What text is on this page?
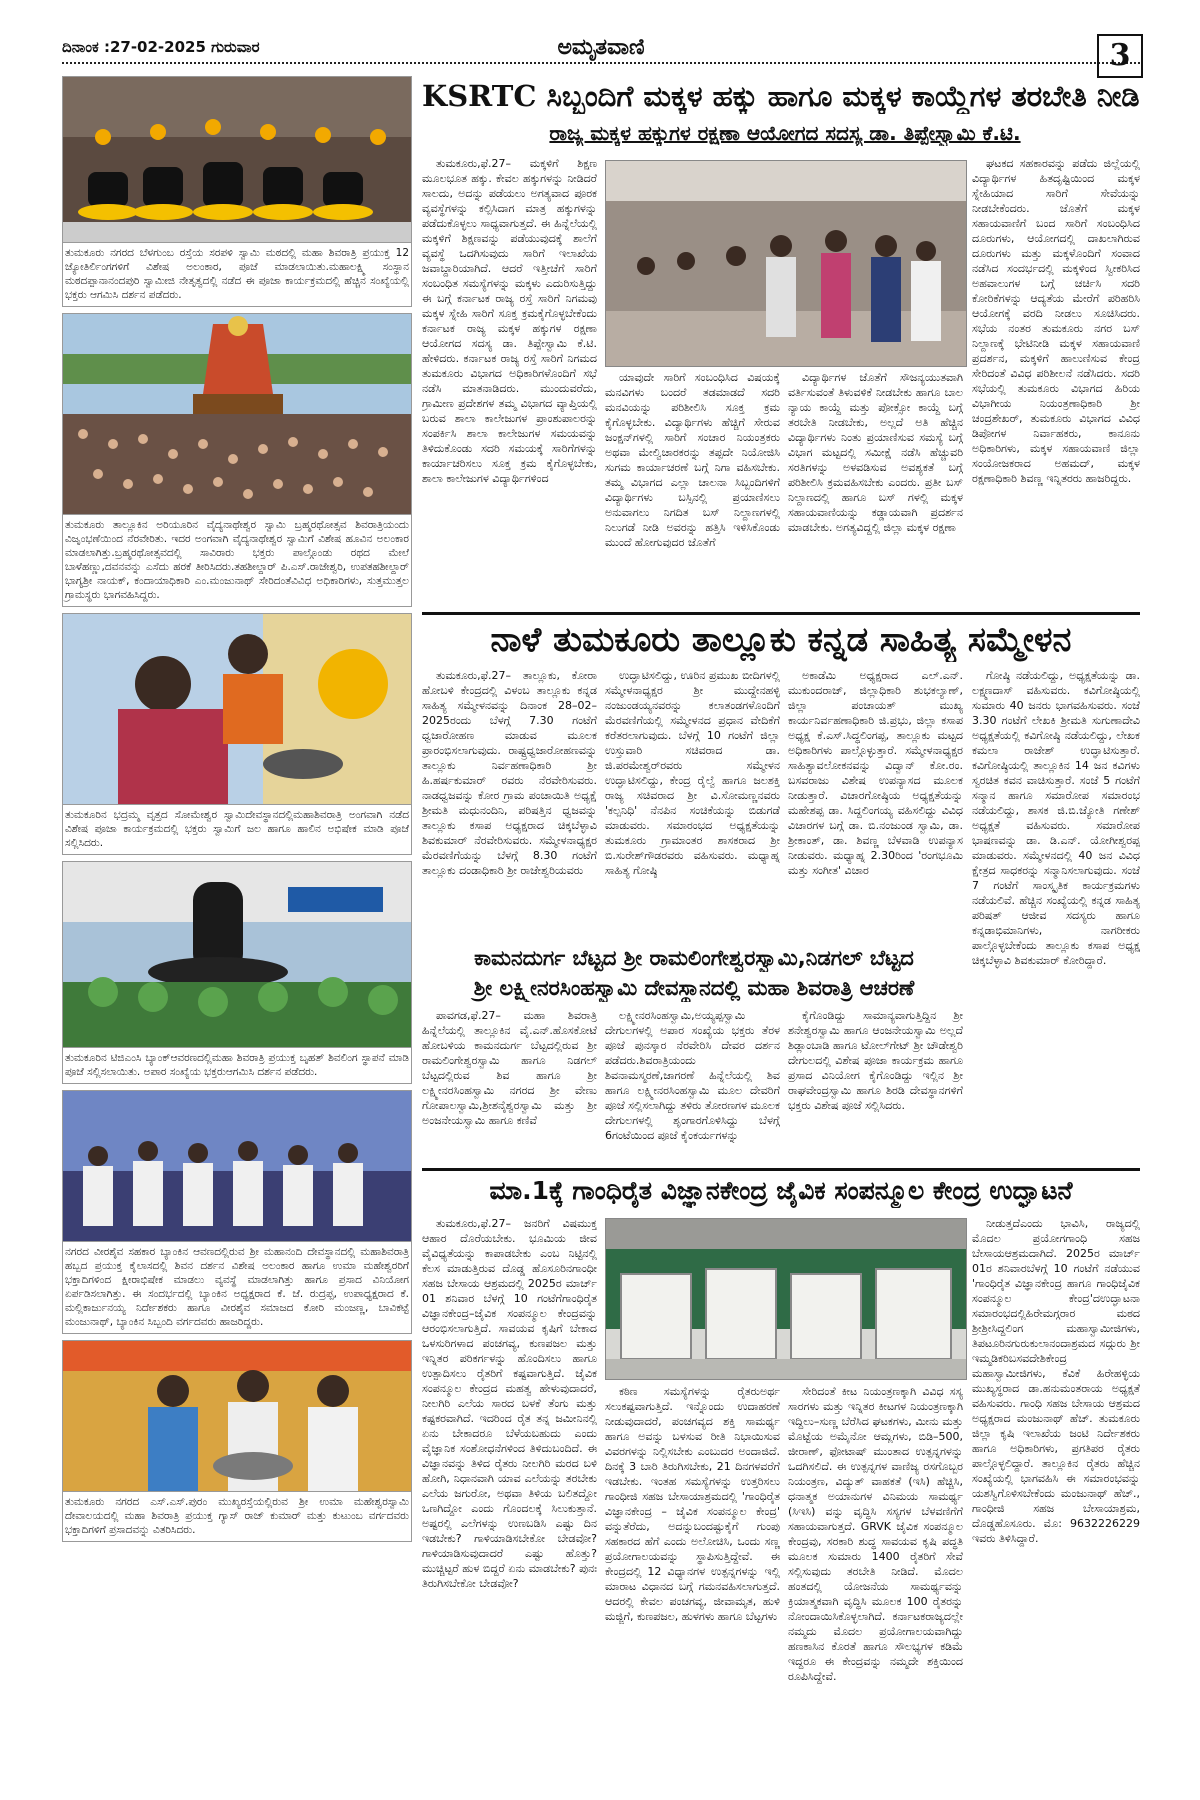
ದಿನಾಂಕ :27-02-2025 ಗುರುವಾರ	ಅಮೃತವಾಣಿ	3
ತುಮಕೂರು ನಗರದ ಬೆಳಗುಂಬ ರಸ್ತೆಯ ಸರಪಳಿ ಸ್ವಾಮಿ ಮಠದಲ್ಲಿ ಮಹಾ ಶಿವರಾತ್ರಿ ಪ್ರಯುಕ್ತ 12 ಜ್ಯೋತಿರ್ಲಿಂಗಗಳಿಗೆ ವಿಶೇಷ ಅಲಂಕಾರ, ಪೂಜೆ ಮಾಡಲಾಯಿತು.ಮಹಾಲಕ್ಷ್ಮಿ ಸಂಸ್ಥಾನ ಮಠದಪ್ಪಾನಾನಂದಪುರಿ ಸ್ವಾಮೀಜಿ ನೇತೃತ್ವದಲ್ಲಿ ನಡೆದ ಈ ಪೂಜಾ ಕಾರ್ಯಕ್ರಮದಲ್ಲಿ ಹೆಚ್ಚಿನ ಸಂಖ್ಯೆಯಲ್ಲಿ ಭಕ್ತರು ಆಗಮಿಸಿ ದರ್ಶನ ಪಡೆದರು.
ತುಮಕೂರು ತಾಲ್ಲೂಕಿನ ಅರಿಯೂರಿನ ವೈದ್ಯನಾಥೇಶ್ವರ ಸ್ವಾಮಿ ಬ್ರಹ್ಮರಥೋತ್ಸವ ಶಿವರಾತ್ರಿಯಂದು ವಿಜೃಂಭಣೆಯಿಂದ ನೆರವೇರಿತು. ಇದರ ಅಂಗವಾಗಿ ವೈದ್ಯನಾಥೇಶ್ವರ ಸ್ವಾಮಿಗೆ ವಿಶೇಷ ಹೂವಿನ ಅಲಂಕಾರ ಮಾಡಲಾಗಿತ್ತು.ಬ್ರಹ್ಮರಥೋತ್ಸವದಲ್ಲಿ ಸಾವಿರಾರು ಭಕ್ತರು ಪಾಲ್ಗೊಂಡು ರಥದ ಮೇಲೆ ಬಾಳೆಹಣ್ಣು,ದವನವನ್ನು ಎಸೆದು ಹರಕೆ ತೀರಿಸಿದರು.ತಹಶೀಲ್ದಾರ್ ಪಿ.ಎಸ್.ರಾಜೇಶ್ವರಿ, ಉಪತಹಶೀಲ್ದಾರ್ ಭಾಗ್ಯಶ್ರೀ ನಾಯಕ್, ಕಂದಾಯಾಧಿಕಾರಿ ಎಂ.ಮಂಜುನಾಥ್ ಸೇರಿದಂತೆವಿವಿಧ ಅಧಿಕಾರಿಗಳು, ಸುತ್ತಮುತ್ತಲ ಗ್ರಾಮಸ್ಥರು ಭಾಗವಹಿಸಿದ್ದರು.
ತುಮಕೂರಿನ ಭದ್ರಮ್ಮ ವೃತ್ತದ ಸೋಮೇಶ್ವರ ಸ್ವಾಮಿದೇವಸ್ಥಾನದಲ್ಲಿಮಹಾಶಿವರಾತ್ರಿ ಅಂಗವಾಗಿ ನಡೆದ ವಿಶೇಷ ಪೂಜಾ ಕಾರ್ಯಕ್ರಮದಲ್ಲಿ ಭಕ್ತರು ಸ್ವಾಮಿಗೆ ಜಲ ಹಾಗೂ ಹಾಲಿನ ಅಭಿಷೇಕ ಮಾಡಿ ಪೂಜೆ ಸಲ್ಲಿಸಿದರು.
ತುಮಕೂರಿನ ಟಿಜಿಎಂಸಿ ಬ್ಯಾಂಕ್ಆವರಣದಲ್ಲಿಮಹಾ ಶಿವರಾತ್ರಿ ಪ್ರಯುಕ್ತ ಬೃಹತ್ ಶಿವಲಿಂಗ ಸ್ಥಾಪನೆ ಮಾಡಿ ಪೂಜೆ ಸಲ್ಲಿಸಲಾಯಿತು. ಅಪಾರ ಸಂಖ್ಯೆಯ ಭಕ್ತರುಆಗಮಿಸಿ ದರ್ಶನ ಪಡೆದರು.
ನಗರದ ವೀರಶೈವ ಸಹಕಾರ ಬ್ಯಾಂಕಿನ ಆವಣದಲ್ಲಿರುವ ಶ್ರೀ ಮಹಾನಂದಿ ದೇವಸ್ಥಾನದಲ್ಲಿ ಮಹಾಶಿವರಾತ್ರಿ ಹಬ್ಬದ ಪ್ರಯುಕ್ತ ಕೈಲಾಸದಲ್ಲಿ ಶಿವನ ದರ್ಶನ ವಿಶೇಷ ಅಲಂಕಾರ ಹಾಗೂ ಉಮಾ ಮಹೇಶ್ವರರಿಗೆ ಭಕ್ತಾದಿಗಳಿಂದ ಕ್ಷೀರಾಭಿಷೇಕ ಮಾಡಲು ವ್ಯವಸ್ಥೆ ಮಾಡಲಾಗಿತ್ತು ಹಾಗೂ ಪ್ರಸಾದ ವಿನಿಯೋಗ ಏರ್ಪಡಿಸಲಾಗಿತ್ತು. ಈ ಸಂದರ್ಭದಲ್ಲಿ ಬ್ಯಾಂಕಿನ ಅಧ್ಯಕ್ಷರಾದ ಕೆ. ಜೆ. ರುದ್ರಪ್ಪ, ಉಪಾಧ್ಯಕ್ಷರಾದ ಕೆ. ಮಲ್ಲಿಕಾರ್ಜುನಯ್ಯ ನಿರ್ದೇಶಕರು ಹಾಗೂ ವೀರಶೈವ ಸಮಾಜದ ಕೋರಿ ಮಂಜಣ್ಣ, ಬಾವಿಕಟ್ಟೆ ಮಂಜುನಾಥ್, ಬ್ಯಾಂಕಿನ ಸಿಬ್ಬಂದಿ ವರ್ಗದವರು ಹಾಜರಿದ್ದರು.
ತುಮಕೂರು ನಗರದ ಎಸ್.ಎಸ್.ಪುರಂ ಮುಖ್ಯರಸ್ತೆಯಲ್ಲಿರುವ ಶ್ರೀ ಉಮಾ ಮಹೇಶ್ವರಸ್ವಾಮಿ ದೇವಾಲಯದಲ್ಲಿ ಮಹಾ ಶಿವರಾತ್ರಿ ಪ್ರಯುಕ್ತ ಗ್ಯಾಸ್ ರಾಜ್ ಕುಮಾರ್ ಮತ್ತು ಕುಟುಂಬ ವರ್ಗದವರು ಭಕ್ತಾದಿಗಳಿಗೆ ಪ್ರಸಾದವನ್ನು ವಿತರಿಸಿದರು.
KSRTC ಸಿಬ್ಬಂದಿಗೆ ಮಕ್ಕಳ ಹಕ್ಕು ಹಾಗೂ ಮಕ್ಕಳ ಕಾಯ್ದೆಗಳ ತರಬೇತಿ ನೀಡಿ
ರಾಜ್ಯ ಮಕ್ಕಳ ಹಕ್ಕುಗಳ ರಕ್ಷಣಾ ಆಯೋಗದ ಸದಸ್ಯ ಡಾ. ತಿಪ್ಪೇಸ್ವಾಮಿ ಕೆ.ಟಿ.

ತುಮಕೂರು,ಫೆ.27– ಮಕ್ಕಳಿಗೆ ಶಿಕ್ಷಣ ಮೂಲಭೂತ ಹಕ್ಕು. ಕೇವಲ ಹಕ್ಕುಗಳನ್ನು ನೀಡಿದರೆ ಸಾಲದು, ಅದನ್ನು ಪಡೆಯಲು ಅಗತ್ಯವಾದ ಪೂರಕ ವ್ಯವಸ್ಥೆಗಳನ್ನು ಕಲ್ಪಿಸಿದಾಗ ಮಾತ್ರ ಹಕ್ಕುಗಳನ್ನು ಪಡೆದುಕೊಳ್ಳಲು ಸಾಧ್ಯವಾಗುತ್ತದೆ. ಈ ಹಿನ್ನೆಲೆಯಲ್ಲಿ ಮಕ್ಕಳಿಗೆ ಶಿಕ್ಷಣವನ್ನು ಪಡೆಯುವುದಕ್ಕೆ ಶಾಲೆಗೆ ವ್ಯವಸ್ಥೆ ಒದಗಿಸುವುದು ಸಾರಿಗೆ ಇಲಾಖೆಯ ಜವಾಬ್ದಾರಿಯಾಗಿದೆ. ಆದರೆ ಇತ್ತೀಚೆಗೆ ಸಾರಿಗೆ ಸಂಬಂಧಿತ ಸಮಸ್ಯೆಗಳನ್ನು ಮಕ್ಕಳು ಎದುರಿಸುತ್ತಿದ್ದು ಈ ಬಗ್ಗೆ ಕರ್ನಾಟಕ ರಾಜ್ಯ ರಸ್ತೆ ಸಾರಿಗೆ ನಿಗಮವು ಮಕ್ಕಳ ಸ್ನೇಹಿ ಸಾರಿಗೆ ಸೂಕ್ತ ಕ್ರಮಕೈಗೊಳ್ಳಬೇಕೆಂದು ಕರ್ನಾಟಕ ರಾಜ್ಯ ಮಕ್ಕಳ ಹಕ್ಕುಗಳ ರಕ್ಷಣಾ ಆಯೋಗದ ಸದಸ್ಯ ಡಾ. ತಿಪ್ಪೇಸ್ವಾಮಿ ಕೆ.ಟಿ. ಹೇಳಿದರು. ಕರ್ನಾಟಕ ರಾಜ್ಯ ರಸ್ತೆ ಸಾರಿಗೆ ನಿಗಮದ ತುಮಕೂರು ವಿಭಾಗದ ಅಧಿಕಾರಿಗಳೊಂದಿಗೆ ಸಭೆ ನಡೆಸಿ ಮಾತನಾಡಿದರು. ಮುಂದುವರೆದು, ಗ್ರಾಮೀಣ ಪ್ರದೇಶಗಳ ತಮ್ಮ ವಿಭಾಗದ ವ್ಯಾಪ್ತಿಯಲ್ಲಿ ಬರುವ ಶಾಲಾ ಕಾಲೇಜುಗಳ ಪ್ರಾಂಶುಪಾಲರನ್ನು ಸಂಪರ್ಕಿಸಿ ಶಾಲಾ ಕಾಲೇಜುಗಳ ಸಮಯವನ್ನು ತಿಳಿದುಕೊಂಡು ಸದರಿ ಸಮಯಕ್ಕೆ ಸಾರಿಗೆಗಳನ್ನು ಕಾರ್ಯಾಚರಿಸಲು ಸೂಕ್ತ ಕ್ರಮ ಕೈಗೊಳ್ಳಬೇಕು, ಶಾಲಾ ಕಾಲೇಜುಗಳ ವಿದ್ಯಾರ್ಥಿಗಳಿಂದ

ಯಾವುದೇ ಸಾರಿಗೆ ಸಂಬಂಧಿಸಿದ ವಿಷಯಕ್ಕೆ ಮನವಿಗಳು ಬಂದರೆ ತಡಮಾಡದೆ ಸದರಿ ಮನವಿಯನ್ನು ಪರಿಶೀಲಿಸಿ ಸೂಕ್ತ ಕ್ರಮ ಕೈಗೊಳ್ಳಬೇಕು. ವಿದ್ಯಾರ್ಥಿಗಳು ಹೆಚ್ಚಿಗೆ ಸೇರುವ ಜಂಕ್ಷನ್‌ಗಳಲ್ಲಿ ಸಾರಿಗೆ ಸಂಚಾರ ನಿಯಂತ್ರಕರು ಅಥವಾ ಮೇಲ್ವಿಚಾರಕರನ್ನು ತಪ್ಪದೇ ನಿಯೋಜಿಸಿ ಸುಗಮ ಕಾರ್ಯಾಚರಣೆ ಬಗ್ಗೆ ನಿಗಾ ವಹಿಸಬೇಕು. ತಮ್ಮ ವಿಭಾಗದ ಎಲ್ಲಾ ಚಾಲನಾ ಸಿಬ್ಬಂದಿಗಳಿಗೆ ವಿದ್ಯಾರ್ಥಿಗಳು ಬಸ್ಸಿನಲ್ಲಿ ಪ್ರಯಾಣಿಸಲು ಅನುವಾಗಲು ನಿಗದಿತ ಬಸ್ ನಿಲ್ದಾಣಗಳಲ್ಲಿ ನಿಲುಗಡೆ ನೀಡಿ ಅವರನ್ನು ಹತ್ತಿಸಿ ಇಳಿಸಿಕೊಂಡು ಮುಂದೆ ಹೋಗುವುದರ ಜೊತೆಗೆ

ವಿದ್ಯಾರ್ಥಿಗಳ ಜೊತೆಗೆ ಸೌಜನ್ಯಯುತವಾಗಿ ವರ್ತಿಸುವಂತೆ ತಿಳುವಳಿಕೆ ನೀಡಬೇಕು ಹಾಗೂ ಬಾಲ ನ್ಯಾಯ ಕಾಯ್ದೆ ಮತ್ತು ಪೋಕ್ಸೋ ಕಾಯ್ದೆ ಬಗ್ಗೆ ತರಬೇತಿ ನೀಡಬೇಕು, ಅಲ್ಲದೆ ಅತಿ ಹೆಚ್ಚಿನ ವಿದ್ಯಾರ್ಥಿಗಳು ನಿಂತು ಪ್ರಯಾಣಿಸುವ ಸಮಸ್ಯೆ ಬಗ್ಗೆ ವಿಭಾಗ ಮಟ್ಟದಲ್ಲಿ ಸಮೀಕ್ಷೆ ನಡೆಸಿ ಹೆಚ್ಚುವರಿ ಸರತಿಗಳನ್ನು ಅಳವಡಿಸುವ ಅವಶ್ಯಕತೆ ಬಗ್ಗೆ ಪರಿಶೀಲಿಸಿ ಕ್ರಮವಹಿಸಬೇಕು ಎಂದರು. ಪ್ರತೀ ಬಸ್ ನಿಲ್ದಾಣದಲ್ಲಿ ಹಾಗೂ ಬಸ್ ಗಳಲ್ಲಿ ಮಕ್ಕಳ ಸಹಾಯವಾಣಿಯನ್ನು ಕಡ್ಡಾಯವಾಗಿ ಪ್ರದರ್ಶನ ಮಾಡಬೇಕು. ಅಗತ್ಯವಿದ್ದಲ್ಲಿ ಜಿಲ್ಲಾ ಮಕ್ಕಳ ರಕ್ಷಣಾ

ಘಟಕದ ಸಹಕಾರವನ್ನು ಪಡೆದು ಜಿಲ್ಲೆಯಲ್ಲಿ ವಿದ್ಯಾರ್ಥಿಗಳ ಹಿತದೃಷ್ಟಿಯಿಂದ ಮಕ್ಕಳ ಸ್ನೇಹಿಯಾದ ಸಾರಿಗೆ ಸೇವೆಯನ್ನು ನೀಡಬೇಕೆಂದರು. ಜೊತೆಗೆ ಮಕ್ಕಳ ಸಹಾಯವಾಣಿಗೆ ಬಂದ ಸಾರಿಗೆ ಸಂಬಂಧಿಸಿದ ದೂರುಗಳು, ಆಯೋಗದಲ್ಲಿ ದಾಖಲಾಗಿರುವ ದೂರುಗಳು ಮತ್ತು ಮಕ್ಕಳೊಂದಿಗೆ ಸಂವಾದ ನಡೆಸಿದ ಸಂದರ್ಭದಲ್ಲಿ ಮಕ್ಕಳಿಂದ ಸ್ವೀಕರಿಸಿದ ಅಹವಾಲುಗಳ ಬಗ್ಗೆ ಚರ್ಚಿಸಿ ಸದರಿ ಕೋರಿಕೆಗಳನ್ನು ಆದ್ಯತೆಯ ಮೇರೆಗೆ ಪರಿಹರಿಸಿ ಆಯೋಗಕ್ಕೆ ವರದಿ ನೀಡಲು ಸೂಚಿಸಿದರು. ಸಭೆಯ ನಂತರ ತುಮಕೂರು ನಗರ ಬಸ್ ನಿಲ್ದಾಣಕ್ಕೆ ಭೇಟಿನೀಡಿ ಮಕ್ಕಳ ಸಹಾಯವಾಣಿ ಪ್ರದರ್ಶನ, ಮಕ್ಕಳಿಗೆ ಹಾಲುಣಿಸುವ ಕೇಂದ್ರ ಸೇರಿದಂತೆ ವಿವಿಧ ಪರಿಶೀಲನೆ ನಡೆಸಿದರು. ಸದರಿ ಸಭೆಯಲ್ಲಿ ತುಮಕೂರು ವಿಭಾಗದ ಹಿರಿಯ ವಿಭಾಗೀಯ ನಿಯಂತ್ರಣಾಧಿಕಾರಿ ಶ್ರೀ ಚಂದ್ರಶೇಖರ್, ತುಮಕೂರು ವಿಭಾಗದ ವಿವಿಧ ಡಿಪೋಗಳ ನಿರ್ವಾಹಕರು, ಕಾನೂನು ಅಧಿಕಾರಿಗಳು, ಮಕ್ಕಳ ಸಹಾಯವಾಣಿ ಜಿಲ್ಲಾ ಸಂಯೋಜಕರಾದ ಅಹಮದ್, ಮಕ್ಕಳ ರಕ್ಷಣಾಧಿಕಾರಿ ಶಿವಣ್ಣ ಇನ್ನಿತರರು ಹಾಜರಿದ್ದರು.

ನಾಳೆ ತುಮಕೂರು ತಾಲ್ಲೂಕು ಕನ್ನಡ ಸಾಹಿತ್ಯ ಸಮ್ಮೇಳನ

ತುಮಕೂರು,ಫೆ.27– ತಾಲ್ಲೂಕು, ಕೋರಾ ಹೋಬಳಿ ಕೇಂದ್ರದಲ್ಲಿ ವಿಳಂಬ ತಾಲ್ಲೂಕು ಕನ್ನಡ ಸಾಹಿತ್ಯ ಸಮ್ಮೇಳನವನ್ನು ದಿನಾಂಕ 28–02–2025ರಂದು ಬೆಳಗ್ಗೆ 7.30 ಗಂಟೆಗೆ ಧ್ವಜಾರೋಹಣ ಮಾಡುವ ಮೂಲಕ ಪ್ರಾರಂಭಿಸಲಾಗುವುದು. ರಾಷ್ಟ್ರಧ್ವಜಾರೋಹಣವನ್ನು ತಾಲ್ಲೂಕು ನಿರ್ವಹಣಾಧಿಕಾರಿ ಶ್ರೀ ಹಿ.ಹರ್ಷಕುಮಾರ್ ರವರು ನೆರವೇರಿಸುವರು. ನಾಡಧ್ವಜವನ್ನು ಕೋರ ಗ್ರಾಮ ಪಂಚಾಯಿತಿ ಅಧ್ಯಕ್ಷೆ ಶ್ರೀಮತಿ ಮಧುನಂದಿನಿ, ಪರಿಷತ್ತಿನ ಧ್ವಜವನ್ನು ತಾಲ್ಲೂಕು ಕಸಾಪ ಅಧ್ಯಕ್ಷರಾದ ಚಿಕ್ಕಬೆಳ್ಳಾವಿ ಶಿವಕುಮಾರ್ ನೆರವೇರಿಸುವರು. ಸಮ್ಮೇಳನಾಧ್ಯಕ್ಷರ ಮೆರವಣಿಗೆಯನ್ನು ಬೆಳಗ್ಗೆ 8.30 ಗಂಟೆಗೆ ತಾಲ್ಲೂಕು ದಂಡಾಧಿಕಾರಿ ಶ್ರೀ ರಾಜೇಶ್ವರಿಯವರು

ಉದ್ಘಾಟಿಸಲಿದ್ದು, ಊರಿನ ಪ್ರಮುಖ ಬೀದಿಗಳಲ್ಲಿ ಸಮ್ಮೇಳನಾಧ್ಯಕ್ಷರ ಶ್ರೀ ಮುದ್ದೇನಹಳ್ಳಿ ನಂಜುಂಡಯ್ಯನವರನ್ನು ಕಲಾತಂಡಗಳೊಂದಿಗೆ ಮೆರವಣಿಗೆಯಲ್ಲಿ ಸಮ್ಮೇಳನದ ಪ್ರಧಾನ ವೇದಿಕೆಗೆ ಕರೆತರಲಾಗುವುದು. ಬೆಳಗ್ಗೆ 10 ಗಂಟೆಗೆ ಜಿಲ್ಲಾ ಉಸ್ತುವಾರಿ ಸಚಿವರಾದ ಡಾ. ಜಿ.ಪರಮೇಶ್ವರ್‌ರವರು ಸಮ್ಮೇಳನ ಉದ್ಘಾಟಿಸಲಿದ್ದು, ಕೇಂದ್ರ ರೈಲ್ವೆ ಹಾಗೂ ಜಲಶಕ್ತಿ ರಾಜ್ಯ ಸಚಿವರಾದ ಶ್ರೀ ವಿ.ಸೋಮಣ್ಣನವರು 'ಕಲ್ಪನಿಧಿ' ನೆನಪಿನ ಸಂಚಿಕೆಯನ್ನು ಬಿಡುಗಡೆ ಮಾಡುವರು. ಸಮಾರಂಭದ ಅಧ್ಯಕ್ಷತೆಯನ್ನು ತುಮಕೂರು ಗ್ರಾಮಾಂತರ ಶಾಸಕರಾದ ಶ್ರೀ ಬಿ.ಸುರೇಶ್‌ಗೌಡರವರು ವಹಿಸುವರು. ಮಧ್ಯಾಹ್ನ ಸಾಹಿತ್ಯ ಗೋಷ್ಠಿ

ಅಕಾಡೆಮಿ ಅಧ್ಯಕ್ಷರಾದ ಎಲ್.ಎನ್. ಮುಕುಂದರಾಜ್, ಜಿಲ್ಲಾಧಿಕಾರಿ ಶುಭಕಲ್ಯಾಣ್, ಜಿಲ್ಲಾ ಪಂಚಾಯತ್ ಮುಖ್ಯ ಕಾರ್ಯನಿರ್ವಹಣಾಧಿಕಾರಿ ಜಿ.ಪ್ರಭು, ಜಿಲ್ಲಾ ಕಸಾಪ ಅಧ್ಯಕ್ಷ ಕೆ.ಎಸ್.ಸಿದ್ಧಲಿಂಗಪ್ಪ, ತಾಲ್ಲೂಕು ಮಟ್ಟದ ಅಧಿಕಾರಿಗಳು ಪಾಲ್ಗೊಳ್ಳುತ್ತಾರೆ. ಸಮ್ಮೇಳನಾಧ್ಯಕ್ಷರ ಸಾಹಿತ್ಯಾವಲೋಕನವನ್ನು ವಿದ್ವಾನ್ ಕೋ.ರಂ. ಬಸವರಾಜು ವಿಶೇಷ ಉಪನ್ಯಾಸದ ಮೂಲಕ ನೀಡುತ್ತಾರೆ. ವಿಚಾರಗೋಷ್ಠಿಯ ಅಧ್ಯಕ್ಷತೆಯನ್ನು ಮಹೇಶಪ್ಪ ಡಾ. ಸಿದ್ದಲಿಂಗಯ್ಯ ವಹಿಸಲಿದ್ದು ವಿವಿಧ ವಿಚಾರಗಳ ಬಗ್ಗೆ ಡಾ. ಬಿ.ನಂಜುಂಡ ಸ್ವಾಮಿ, ಡಾ. ಶ್ರೀಕಾಂತ್, ಡಾ. ಶಿವಣ್ಣ ಬೆಳವಾಡಿ ಉಪನ್ಯಾಸ ನೀಡುವರು. ಮಧ್ಯಾಹ್ನ 2.30ರಿಂದ 'ರಂಗಭೂಮಿ ಮತ್ತು ಸಂಗೀತ' ವಿಚಾರ

ಗೋಷ್ಠಿ ನಡೆಯಲಿದ್ದು, ಅಧ್ಯಕ್ಷತೆಯನ್ನು ಡಾ. ಲಕ್ಷ್ಮಣದಾಸ್ ವಹಿಸುವರು. ಕವಿಗೋಷ್ಠಿಯಲ್ಲಿ ಸುಮಾರು 40 ಜನರು ಭಾಗವಹಿಸುವರು. ಸಂಜೆ 3.30 ಗಂಟೆಗೆ ಲೇಖಕಿ ಶ್ರೀಮತಿ ಸುಗುಣಾದೇವಿ ಅಧ್ಯಕ್ಷತೆಯಲ್ಲಿ ಕವಿಗೋಷ್ಠಿ ನಡೆಯಲಿದ್ದು, ಲೇಖಕ ಕಮಲಾ ರಾಜೇಶ್ ಉದ್ಘಾಟಿಸುತ್ತಾರೆ. ಕವಿಗೋಷ್ಠಿಯಲ್ಲಿ ತಾಲ್ಲೂಕಿನ 14 ಜನ ಕವಿಗಳು ಸ್ವರಚಿತ ಕವನ ವಾಚಿಸುತ್ತಾರೆ. ಸಂಜೆ 5 ಗಂಟೆಗೆ ಸನ್ಮಾನ ಹಾಗೂ ಸಮಾರೋಪ ಸಮಾರಂಭ ನಡೆಯಲಿದ್ದು, ಶಾಸಕ ಜಿ.ಬಿ.ಜ್ಯೋತಿ ಗಣೇಶ್ ಅಧ್ಯಕ್ಷತೆ ವಹಿಸುವರು. ಸಮಾರೋಪ ಭಾಷಣವನ್ನು ಡಾ. ಡಿ.ಎನ್. ಯೋಗೀಶ್ವರಪ್ಪ ಮಾಡುವರು. ಸಮ್ಮೇಳನದಲ್ಲಿ 40 ಜನ ವಿವಿಧ ಕ್ಷೇತ್ರದ ಸಾಧಕರನ್ನು ಸನ್ಮಾನಿಸಲಾಗುವುದು. ಸಂಜೆ 7 ಗಂಟೆಗೆ ಸಾಂಸ್ಕೃತಿಕ ಕಾರ್ಯಕ್ರಮಗಳು ನಡೆಯಲಿವೆ. ಹೆಚ್ಚಿನ ಸಂಖ್ಯೆಯಲ್ಲಿ ಕನ್ನಡ ಸಾಹಿತ್ಯ ಪರಿಷತ್ ಆಜೀವ ಸದಸ್ಯರು ಹಾಗೂ ಕನ್ನಡಾಭಿಮಾನಿಗಳು, ನಾಗರೀಕರು ಪಾಲ್ಗೊಳ್ಳಬೇಕೆಂದು ತಾಲ್ಲೂಕು ಕಸಾಪ ಅಧ್ಯಕ್ಷ ಚಿಕ್ಕಬೆಳ್ಳಾವಿ ಶಿವಕುಮಾರ್ ಕೋರಿದ್ದಾರೆ.

ಕಾಮನದುರ್ಗ ಬೆಟ್ಟದ ಶ್ರೀ ರಾಮಲಿಂಗೇಶ್ವರಸ್ವಾಮಿ,ನಿಡಗಲ್ ಬೆಟ್ಟದ
ಶ್ರೀ ಲಕ್ಷ್ಮೀನರಸಿಂಹಸ್ವಾಮಿ ದೇವಸ್ಥಾನದಲ್ಲಿ ಮಹಾ ಶಿವರಾತ್ರಿ ಆಚರಣೆ

ಪಾವಗಡ,ಫೆ.27– ಮಹಾ ಶಿವರಾತ್ರಿ ಹಿನ್ನೆಲೆಯಲ್ಲಿ ತಾಲ್ಲೂಕಿನ ವೈ.ಎನ್.ಹೊಸಕೋಟೆ ಹೋಬಳಿಯ ಕಾಮನದುರ್ಗ ಬೆಟ್ಟದಲ್ಲಿರುವ ಶ್ರೀ ರಾಮಲಿಂಗೇಶ್ವರಸ್ವಾಮಿ ಹಾಗೂ ನಿಡಗಲ್ ಬೆಟ್ಟದಲ್ಲಿರುವ ಶಿವ ಹಾಗೂ ಶ್ರೀ ಲಕ್ಷ್ಮೀನರಸಿಂಹಸ್ವಾಮಿ ನಗರದ ಶ್ರೀ ವೇಣು ಗೋಪಾಲಸ್ವಾಮಿ,ಶ್ರೀಶನೈಶ್ವರಸ್ವಾಮಿ ಮತ್ತು ಶ್ರೀ ಅಂಜನೇಯಸ್ವಾಮಿ ಹಾಗೂ ಕಣಿವೆ

ಲಕ್ಷ್ಮೀನರಸಿಂಹಸ್ವಾಮಿ,ಅಯ್ಯಪ್ಪಸ್ವಾಮಿ ದೇಗುಲಗಳಲ್ಲಿ ಅಪಾರ ಸಂಖ್ಯೆಯ ಭಕ್ತರು ತೆರಳ ಪೂಜೆ ಪುನಸ್ಕಾರ ನೆರವೇರಿಸಿ ದೇವರ ದರ್ಶನ ಪಡೆದರು.ಶಿವರಾತ್ರಿಯಂದು ಶಿವನಾಮಸ್ಮರಣೆ,ಜಾಗರಣೆ ಹಿನ್ನೆಲೆಯಲ್ಲಿ ಶಿವ ಹಾಗೂ ಲಕ್ಷ್ಮೀನರಸಿಂಹಸ್ವಾಮಿ ಮೂಲ ದೇವರಿಗೆ ಪೂಜೆ ಸಲ್ಲಿಸಲಾಗಿದ್ದು ತಳಿರು ತೋರಣಗಳ ಮೂಲಕ ದೇಗುಲಗಳಲ್ಲಿ ಶೃಂಗಾರಗೊಳಿಸಿದ್ದು ಬೆಳಗ್ಗೆ 6ಗಂಟೆಯಿಂದ ಪೂಜೆ ಕೈಂಕರ್ಯಗಳನ್ನು

ಕೈಗೊಂಡಿದ್ದು ಸಾಮಾನ್ಯವಾಗುತ್ತಿದ್ದಿನ ಶ್ರೀ ಶನೇಶ್ವರಸ್ವಾಮಿ ಹಾಗೂ ಆಂಜನೇಯಸ್ವಾಮಿ ಅಲ್ಲದೆ ಶಿಡ್ಲಾಂಬಾಡಿ ಹಾಗೂ ಟೋಲ್‌ಗೇಟ್ ಶ್ರೀ ಚೌಡೇಶ್ವರಿ ದೇಗುಲದಲ್ಲಿ ವಿಶೇಷ ಪೂಜಾ ಕಾರ್ಯಕ್ರಮ ಹಾಗೂ ಪ್ರಸಾದ ವಿನಿಯೋಗ ಕೈಗೊಂಡಿದ್ದು ಇಲ್ಲಿನ ಶ್ರೀ ರಾಘವೇಂದ್ರಸ್ವಾಮಿ ಹಾಗೂ ಶಿರಡಿ ದೇವಸ್ಥಾನಗಳಿಗೆ ಭಕ್ತರು ವಿಶೇಷ ಪೂಜೆ ಸಲ್ಲಿಸಿದರು.

ಮಾ.1ಕ್ಕೆ ಗಾಂಧಿರೈತ ವಿಜ್ಞಾನಕೇಂದ್ರ ಜೈವಿಕ ಸಂಪನ್ಮೂಲ ಕೇಂದ್ರ ಉದ್ಘಾಟನೆ

ತುಮಕೂರು,ಫೆ.27– ಜನರಿಗೆ ವಿಷಮುಕ್ತ ಆಹಾರ ದೊರೆಯಬೇಕು. ಭೂಮಿಯ ಜೀವ ವೈವಿಧ್ಯತೆಯನ್ನು ಕಾಪಾಡಬೇಕು ಎಂಬ ನಿಟ್ಟಿನಲ್ಲಿ ಕೆಲಸ ಮಾಡುತ್ತಿರುವ ದೊಡ್ಡ ಹೊಸೂರಿನಗಾಂಧೀ ಸಹಜ ಬೇಸಾಯ ಆಶ್ರಮದಲ್ಲಿ 2025ರ ಮಾರ್ಚ್ 01 ಶನಿವಾರ ಬೆಳಗ್ಗೆ 10 ಗಂಟೆಗೆಗಾಂಧಿರೈತ ವಿಜ್ಞಾನಕೇಂದ್ರ–ಜೈವಿಕ ಸಂಪನ್ಮೂಲ ಕೇಂದ್ರವನ್ನು ಆರಂಭಿಸಲಾಗುತ್ತಿದೆ. ಸಾವಯವ ಕೃಷಿಗೆ ಬೇಕಾದ ಒಳಸುರಿಗಳಾದ ಪಂಚಗವ್ಯ, ಕುಣಪಜಲ ಮತ್ತು ಇನ್ನಿತರ ಪರಿಕರ್ಗಳನ್ನು ಹೊಂದಿಸಲು ಹಾಗೂ ಉತ್ಪಾದಿಸಲು ರೈತರಿಗೆ ಕಷ್ಟವಾಗುತ್ತಿದೆ. ಜೈವಿಕ ಸಂಪನ್ಮೂಲ ಕೇಂದ್ರದ ಮಹತ್ವ ಹೇಳುವುದಾದರೆ, ನೀಲಗಿರಿ ಎಲೆಯ ಸಾರದ ಬಳಕೆ ತೆಂಗು ಮತ್ತು ಕಷ್ಟಕರವಾಗಿದೆ. ಇದರಿಂದ ರೈತ ತನ್ನ ಜಮೀನಿನಲ್ಲಿ ಏನು ಬೇಕಾದರೂ ಬೆಳೆಯಬಹುದು ಎಂದು ವೈಜ್ಞಾನಿಕ ಸಂಶೋಧನೆಗಳಿಂದ ತಿಳಿದುಬಂದಿದೆ. ಈ ವಿಜ್ಞಾನವನ್ನು ತಿಳಿದ ರೈತರು ನೀಲಗಿರಿ ಮರದ ಬಳಿ ಹೋಗಿ, ನಿಧಾನವಾಗಿ ಯಾವ ಎಲೆಯನ್ನು ತರಬೇಕು ಎಲೆಯ ಜಗುರೋ, ಅಥವಾ ತಿಳಿಯ ಬಲಿತದ್ದೋ ಒಣಗಿದ್ದೋ ಎಂದು ಗೊಂದಲಕ್ಕೆ ಸಿಲುಕುತ್ತಾನೆ. ಅಷ್ಟರಲ್ಲಿ ಎಲೆಗಳನ್ನು ಉಣಬಡಿಸಿ ಎಷ್ಟು ದಿನ ಇಡಬೇಕು? ಗಾಳಿಯಾಡಿಸಬೇಕೋ ಬೇಡವೋ? ಗಾಳಿಯಾಡಿಸುವುದಾದರೆ ಎಷ್ಟು ಹೊತ್ತು? ಮುಚ್ಚಿಟ್ಟರೆ ಹುಳ ಬಿದ್ದರೆ ಏನು ಮಾಡಬೇಕು? ಪುನಃ ತಿರುಗಿಸಬೇಕೋ ಬೇಡವೋ?

ಕಠಿಣ ಸಮಸ್ಯೆಗಳನ್ನು ರೈತರುಅರ್ಥ ಸಲುಕಷ್ಟವಾಗುತ್ತಿದೆ. ಇನ್ನೊಂದು ಉದಾಹರಣೆ ನೀಡುವುದಾದರೆ, ಪಂಚಗವ್ಯದ ಶಕ್ತಿ ಸಾಮರ್ಥ್ಯ ಹಾಗೂ ಅವನ್ನು ಬಳಸುವ ರೀತಿ ನಿಭಾಯಿಸುವ ವಿವರಗಳನ್ನು ನಿಲ್ಲಿಸಬೇಕು ಎಂಬುದರ ಅಂದಾಜಿದೆ. ದಿನಕ್ಕೆ 3 ಬಾರಿ ತಿರುಗಿಸಬೇಕು, 21 ದಿನಗಳವರೆಗೆ ಇಡಬೇಕು. ಇಂತಹ ಸಮಸ್ಯೆಗಳನ್ನು ಉತ್ತರಿಸಲು ಗಾಂಧೀಜಿ ಸಹಜ ಬೇಸಾಯಾಶ್ರಮದಲ್ಲಿ 'ಗಾಂಧಿರೈತ ವಿಜ್ಞಾನಕೇಂದ್ರ – ಜೈವಿಕ ಸಂಪನ್ಮೂಲ ಕೇಂದ್ರ' ವನ್ನುತೆರೆದು, ಅದನ್ನುಬಂದಷ್ಟುಕೈಗೆ ಗುಂಪು ಸಹಕಾರದ ಹೆಗೆ ಎಂದು ಅಲೋಚಿಸಿ, ಒಂದು ಸಣ್ಣ ಪ್ರಯೋಗಾಲಯವನ್ನು ಸ್ಥಾಪಿಸುತ್ತಿದ್ದೇವೆ. ಈ ಕೇಂದ್ರದಲ್ಲಿ 12 ವಿಧ್ಯಾನಗಳ ಉತ್ಪನ್ನಗಳನ್ನು ಇಲ್ಲಿ ಮಾರಾಟ ವಿಧಾನದ ಬಗ್ಗೆ ಗಮನವಹಿಸಲಾಗುತ್ತದೆ. ಆದರಲ್ಲಿ ಕೇವಲ ಪಂಚಗವ್ಯ, ಜೀವಾಮೃತ, ಹುಳಿ ಮಜ್ಜಿಗೆ, ಕುಣಪಜಲ, ಹುಳಗಳು ಹಾಗೂ ಬೆಟ್ಟಗಳು

ಸೇರಿದಂತೆ ಕೀಟ ನಿಯಂತ್ರಣಕ್ಕಾಗಿ ವಿವಿಧ ಸಸ್ಯ ಸಾರಗಳು ಮತ್ತು ಇನ್ನಿತರ ಕೀಟಗಳ ನಿಯಂತ್ರಣಕ್ಕಾಗಿ ಇದ್ದಿಲು–ಸುಣ್ಣ ಬೆರೆಸಿದ ಘಟಕಗಳು, ಮೀನು ಮತ್ತು ಮೊಟ್ಟೆಯ ಅಮೈನೋ ಆಮ್ಲಗಳು, ಬಿಡಿ–500, ಜೀರಾಣ್, ಫೋಟಾಷ್ ಮುಂತಾದ ಉತ್ಪನ್ನಗಳನ್ನು ಒದಗಿಸಲಿದೆ. ಈ ಉತ್ಪನ್ನಗಳ ವಾಣಿಜ್ಯ ರಸಗೊಬ್ಬರ ನಿಯಂತ್ರಣ, ವಿದ್ಯುತ್ ವಾಹಕತೆ (ಇಸಿ) ಹೆಚ್ಚಿಸಿ, ಧನಾತ್ಮಕ ಅಯಾನುಗಳ ವಿನಿಮಯ ಸಾಮರ್ಥ್ಯ (ಸಿಇಸಿ) ವನ್ನು ವೃದ್ಧಿಸಿ ಸಸ್ಯಗಳ ಬೆಳವಣಿಗೆಗೆ ಸಹಾಯವಾಗುತ್ತದೆ. GRVK ಜೈವಿಕ ಸಂಪನ್ಮೂಲ ಕೇಂದ್ರವು, ಸರಕಾರಿ ಶುದ್ಧ ಸಾವಯವ ಕೃಷಿ ಪದ್ಧತಿ ಮೂಲಕ ಸುಮಾರು 1400 ರೈತರಿಗೆ ಸೇವೆ ಸಲ್ಲಿಸುವುದು ತರಬೇತಿ ನೀಡಿದೆ. ಮೊದಲ ಹಂತದಲ್ಲಿ ಯೋಜನೆಯ ಸಾಮರ್ಥ್ಯವನ್ನು ಕ್ರಿಯಾತ್ಮಕವಾಗಿ ವೃದ್ಧಿಸಿ ಮೂಲಕ 100 ರೈತರನ್ನು ನೋಂದಾಯಿಸಿಕೊಳ್ಳಲಾಗಿದೆ. ಕರ್ನಾಟಕರಾಜ್ಯದಲ್ಲೇ ನಮ್ಮದು ಮೊದಲ ಪ್ರಯೋಗಾಲಯವಾಗಿದ್ದು ಹಣಕಾಸಿನ ಕೊರತೆ ಹಾಗೂ ಸೌಲಭ್ಯಗಳ ಕಡಿಮೆ ಇದ್ದರೂ ಈ ಕೇಂದ್ರವನ್ನು ನಮ್ಮದೇ ಶಕ್ತಿಯಿಂದ ರೂಪಿಸಿದ್ದೇವೆ.

ನೀಡುತ್ತದೆಎಂದು ಭಾವಿಸಿ, ರಾಜ್ಯದಲ್ಲಿ ಮೊದಲ ಪ್ರಯೋಗಗಾಂಧಿ ಸಹಜ ಬೇಸಾಯಆಶ್ರಮದಾಗಿದೆ. 2025ರ ಮಾರ್ಚ್ 01ರ ಶನಿವಾರಬೆಳಗ್ಗೆ 10 ಗಂಟೆಗೆ ನಡೆಯುವ 'ಗಾಂಧಿರೈತ ವಿಜ್ಞಾನಕೇಂದ್ರ ಹಾಗೂ ಗಾಂಧಿಜೈವಿಕ ಸಂಪನ್ಮೂಲ ಕೇಂದ್ರ'ದಉದ್ಘಾಟನಾ ಸಮಾರಂಭದಲ್ಲಿಹಿರೇಮಗ್ಗರಾರ ಮಠದ ಶ್ರೀಶ್ರೀಸಿದ್ದಲಿಂಗ ಮಹಾಸ್ವಾಮೀಜಿಗಳು, ತಿಪಟೂರಿನಗುರುಕುಲಾನಂದಾಶ್ರಮದ ಸದ್ಗುರು ಶ್ರೀ ಇಮ್ಮಡಿಕರಿಬಸವದೇಶಿಕೇಂದ್ರ ಮಹಾಸ್ವಾಮೀಜಿಗಳು, ಕೆವಿಕೆ ಹಿರೇಹಳ್ಳಿಯ ಮುಖ್ಯಸ್ಥರಾದ ಡಾ.ಹನುಮಂತರಾಯ ಅಧ್ಯಕ್ಷತೆ ವಹಿಸುವರು. ಗಾಂಧಿ ಸಹಜ ಬೇಸಾಯ ಆಶ್ರಮದ ಅಧ್ಯಕ್ಷರಾದ ಮಂಜುನಾಥ್ ಹೆಚ್. ತುಮಕೂರು ಜಿಲ್ಲಾ ಕೃಷಿ ಇಲಾಖೆಯ ಜಂಟಿ ನಿರ್ದೇಶಕರು ಹಾಗೂ ಅಧಿಕಾರಿಗಳು, ಪ್ರಗತಿಪರ ರೈತರು ಪಾಲ್ಗೊಳ್ಳಲಿದ್ದಾರೆ. ತಾಲ್ಲೂಕಿನ ರೈತರು ಹೆಚ್ಚಿನ ಸಂಖ್ಯೆಯಲ್ಲಿ ಭಾಗವಹಿಸಿ ಈ ಸಮಾರಂಭವನ್ನು ಯಶಸ್ವಿಗೊಳಿಸಬೇಕೆಂದು ಮಂಜುನಾಥ್ ಹೆಚ್., ಗಾಂಧೀಜಿ ಸಹಜ ಬೇಸಾಯಾಶ್ರಮ, ದೊಡ್ಡಹೊಸೂರು. ಮೊ: 9632226229 ಇವರು ತಿಳಿಸಿದ್ದಾರೆ.
